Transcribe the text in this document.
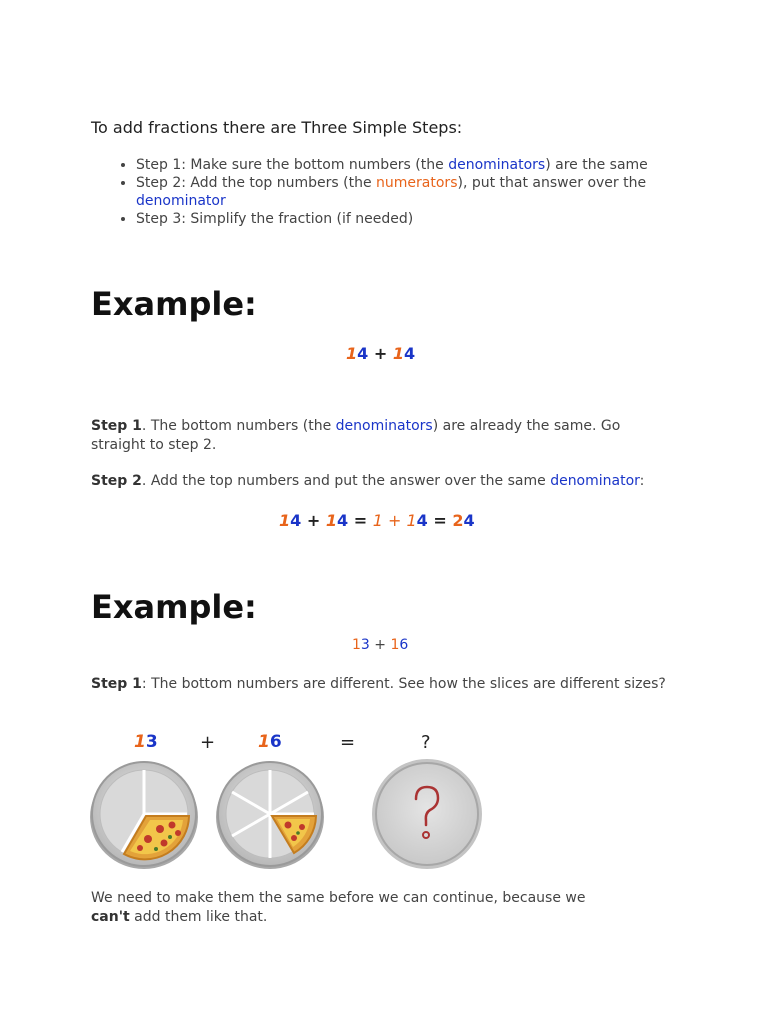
To add fractions there are Three Simple Steps:
• Step 1: Make sure the bottom numbers (the denominators) are the same
• Step 2: Add the top numbers (the numerators), put that answer over the denominator
• Step 3: Simplify the fraction (if needed)
Example:
14 + 14
Step 1. The bottom numbers (the denominators) are already the same. Go straight to step 2.
Step 2. Add the top numbers and put the answer over the same denominator:
14 + 14 = 1 + 14 = 24
Example:
13 + 16
Step 1: The bottom numbers are different. See how the slices are different sizes?
13 +	16	=	?
We need to make them the same before we can continue, because we can't add them like that.
